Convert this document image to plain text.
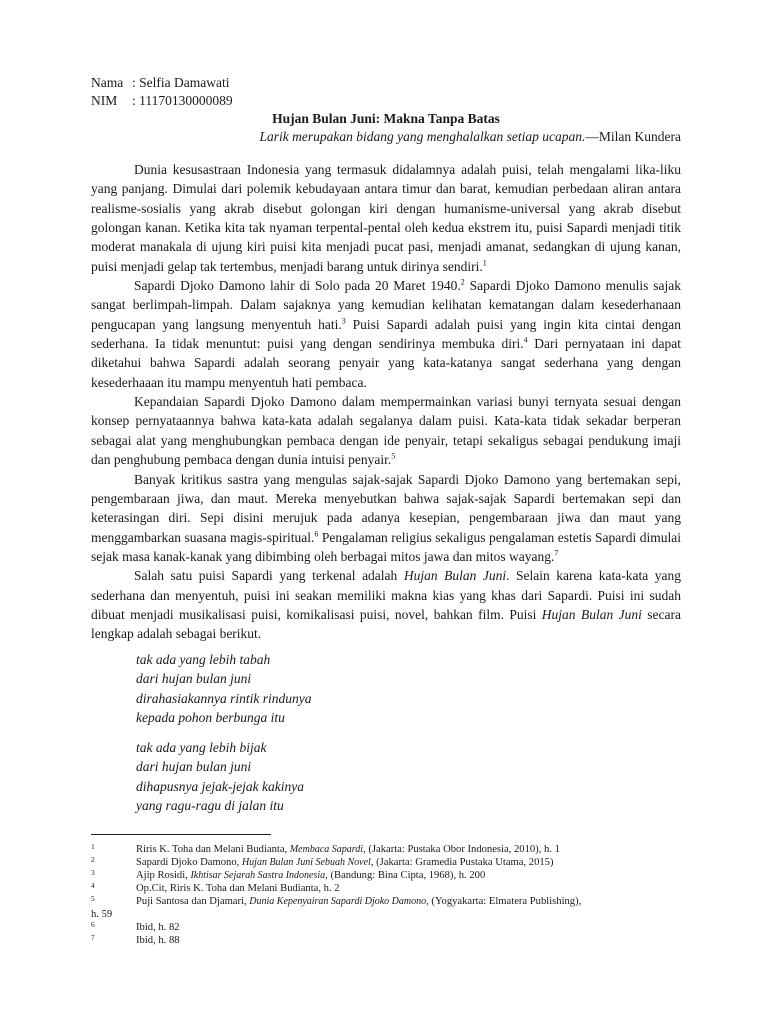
Nama : Selfia Damawati
NIM : 11170130000089
Hujan Bulan Juni: Makna Tanpa Batas
Larik merupakan bidang yang menghalalkan setiap ucapan.—Milan Kundera

Dunia kesusastraan Indonesia yang termasuk didalamnya adalah puisi, telah mengalami lika-liku yang panjang. Dimulai dari polemik kebudayaan antara timur dan barat, kemudian perbedaan aliran antara realisme-sosialis yang akrab disebut golongan kiri dengan humanisme-universal yang akrab disebut golongan kanan. Ketika kita tak nyaman terpental-pental oleh kedua ekstrem itu, puisi Sapardi menjadi titik moderat manakala di ujung kiri puisi kita menjadi pucat pasi, menjadi amanat, sedangkan di ujung kanan, puisi menjadi gelap tak tertembus, menjadi barang untuk dirinya sendiri.$^1$

Sapardi Djoko Damono lahir di Solo pada 20 Maret 1940.$^2$ Sapardi Djoko Damono menulis sajak sangat berlimpah-limpah. Dalam sajaknya yang kemudian kelihatan kematangan dalam kesederhanaan pengucapan yang langsung menyentuh hati.$^3$ Puisi Sapardi adalah puisi yang ingin kita cintai dengan sederhana. Ia tidak menuntut: puisi yang dengan sendirinya membuka diri.$^4$ Dari pernyataan ini dapat diketahui bahwa Sapardi adalah seorang penyair yang kata-katanya sangat sederhana yang dengan kesederhaaan itu mampu menyentuh hati pembaca.

Kepandaian Sapardi Djoko Damono dalam mempermainkan variasi bunyi ternyata sesuai dengan konsep pernyataannya bahwa kata-kata adalah segalanya dalam puisi. Kata-kata tidak sekadar berperan sebagai alat yang menghubungkan pembaca dengan ide penyair, tetapi sekaligus sebagai pendukung imaji dan penghubung pembaca dengan dunia intuisi penyair.$^5$

Banyak kritikus sastra yang mengulas sajak-sajak Sapardi Djoko Damono yang bertemakan sepi, pengembaraan jiwa, dan maut. Mereka menyebutkan bahwa sajak-sajak Sapardi bertemakan sepi dan keterasingan diri. Sepi disini merujuk pada adanya kesepian, pengembaraan jiwa dan maut yang menggambarkan suasana magis-spiritual.$^6$ Pengalaman religius sekaligus pengalaman estetis Sapardi dimulai sejak masa kanak-kanak yang dibimbing oleh berbagai mitos jawa dan mitos wayang.$^7$

Salah satu puisi Sapardi yang terkenal adalah Hujan Bulan Juni. Selain karena kata-kata yang sederhana dan menyentuh, puisi ini seakan memiliki makna kias yang khas dari Sapardi. Puisi ini sudah dibuat menjadi musikalisasi puisi, komikalisasi puisi, novel, bahkan film. Puisi Hujan Bulan Juni secara lengkap adalah sebagai berikut.

tak ada yang lebih tabah
dari hujan bulan juni
dirahasiakannya rintik rindunya
kepada pohon berbunga itu
tak ada yang lebih bijak
dari hujan bulan juni
dihapusnya jejak-jejak kakinya
yang ragu-ragu di jalan itu
1	Riris K. Toha dan Melani Budianta, Membaca Sapardi, (Jakarta: Pustaka Obor Indonesia, 2010), h. 1
2	Sapardi Djoko Damono, Hujan Bulan Juni Sebuah Novel, (Jakarta: Gramedia Pustaka Utama, 2015)
3	Ajip Rosidi, Ikhtisar Sejarah Sastra Indonesia, (Bandung: Bina Cipta, 1968), h. 200
4	Op.Cit, Riris K. Toha dan Melani Budianta, h. 2
5	Puji Santosa dan Djamari, Dunia Kepenyairan Sapardi Djoko Damono, (Yogyakarta: Elmatera Publishing),
h. 59
6	Ibid, h. 82
7	Ibid, h. 88
